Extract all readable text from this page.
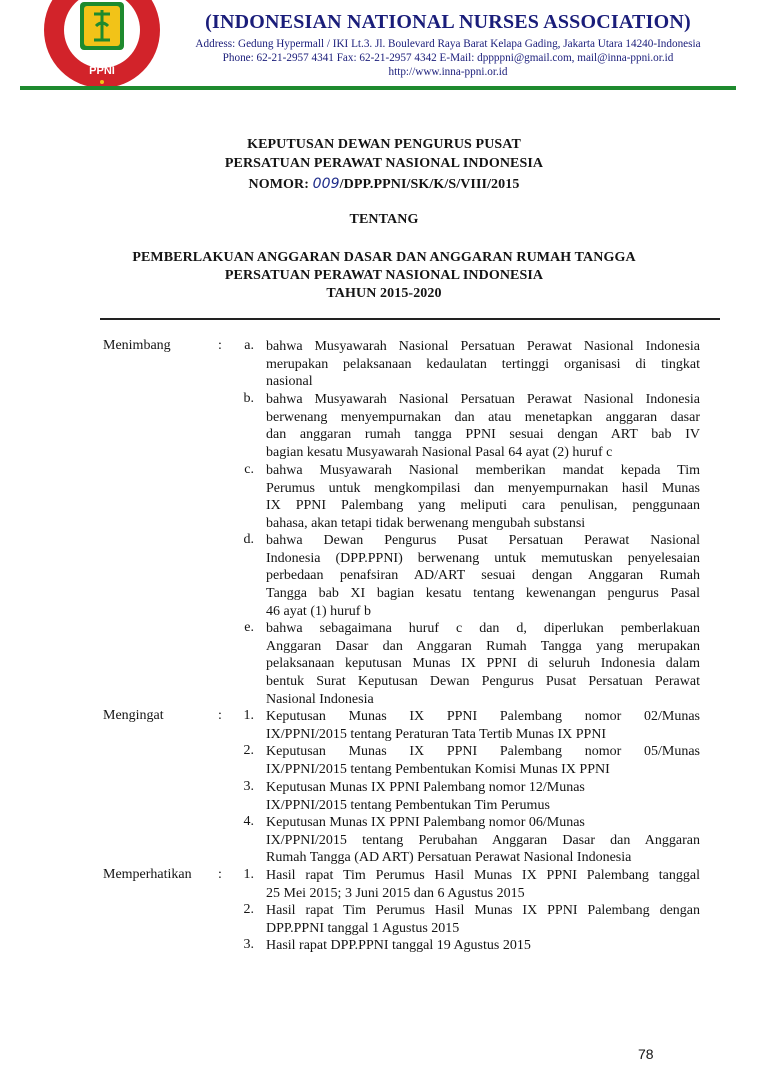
PPNI
(INDONESIAN NATIONAL NURSES ASSOCIATION)
Address: Gedung Hypermall / IKI Lt.3. Jl. Boulevard Raya Barat Kelapa Gading, Jakarta Utara 14240-Indonesia
Phone: 62-21-2957 4341 Fax: 62-21-2957 4342 E-Mail: dppppni@gmail.com, mail@inna-ppni.or.id
http://www.inna-ppni.or.id
KEPUTUSAN DEWAN PENGURUS PUSAT
PERSATUAN PERAWAT NASIONAL INDONESIA
NOMOR: 009/DPP.PPNI/SK/K/S/VIII/2015
TENTANG
PEMBERLAKUAN ANGGARAN DASAR DAN ANGGARAN RUMAH TANGGA
PERSATUAN PERAWAT NASIONAL INDONESIA
TAHUN 2015-2020
Menimbang	:	a. bahwa Musyawarah Nasional Persatuan Perawat Nasional Indonesia
merupakan pelaksanaan kedaulatan tertinggi organisasi di tingkat
nasional
b. bahwa Musyawarah Nasional Persatuan Perawat Nasional Indonesia
berwenang menyempurnakan dan atau menetapkan anggaran dasar
dan anggaran rumah tangga PPNI sesuai dengan ART bab IV
bagian kesatu Musyawarah Nasional Pasal 64 ayat (2) huruf c
c. bahwa Musyawarah Nasional memberikan mandat kepada Tim
Perumus untuk mengkompilasi dan menyempurnakan hasil Munas
IX PPNI Palembang yang meliputi cara penulisan, penggunaan
bahasa, akan tetapi tidak berwenang mengubah substansi
d. bahwa Dewan Pengurus Pusat Persatuan Perawat Nasional
Indonesia (DPP.PPNI) berwenang untuk memutuskan penyelesaian
perbedaan penafsiran AD/ART sesuai dengan Anggaran Rumah
Tangga bab XI bagian kesatu tentang kewenangan pengurus Pasal
46 ayat (1) huruf b
e. bahwa sebagaimana huruf c dan d, diperlukan pemberlakuan
Anggaran Dasar dan Anggaran Rumah Tangga yang merupakan
pelaksanaan keputusan Munas IX PPNI di seluruh Indonesia dalam
bentuk Surat Keputusan Dewan Pengurus Pusat Persatuan Perawat
Nasional Indonesia
Mengingat	:	1. Keputusan Munas IX PPNI Palembang nomor 02/Munas
IX/PPNI/2015 tentang Peraturan Tata Tertib Munas IX PPNI
2. Keputusan Munas IX PPNI Palembang nomor 05/Munas
IX/PPNI/2015 tentang Pembentukan Komisi Munas IX PPNI
3. Keputusan Munas IX PPNI Palembang nomor 12/Munas
IX/PPNI/2015 tentang Pembentukan Tim Perumus
4. Keputusan Munas IX PPNI Palembang nomor 06/Munas
IX/PPNI/2015 tentang Perubahan Anggaran Dasar dan Anggaran
Rumah Tangga (AD ART) Persatuan Perawat Nasional Indonesia
Memperhatikan :	1. Hasil rapat Tim Perumus Hasil Munas IX PPNI Palembang tanggal
25 Mei 2015; 3 Juni 2015 dan 6 Agustus 2015
2. Hasil rapat Tim Perumus Hasil Munas IX PPNI Palembang dengan
DPP.PPNI tanggal 1 Agustus 2015
3. Hasil rapat DPP.PPNI tanggal 19 Agustus 2015
78
